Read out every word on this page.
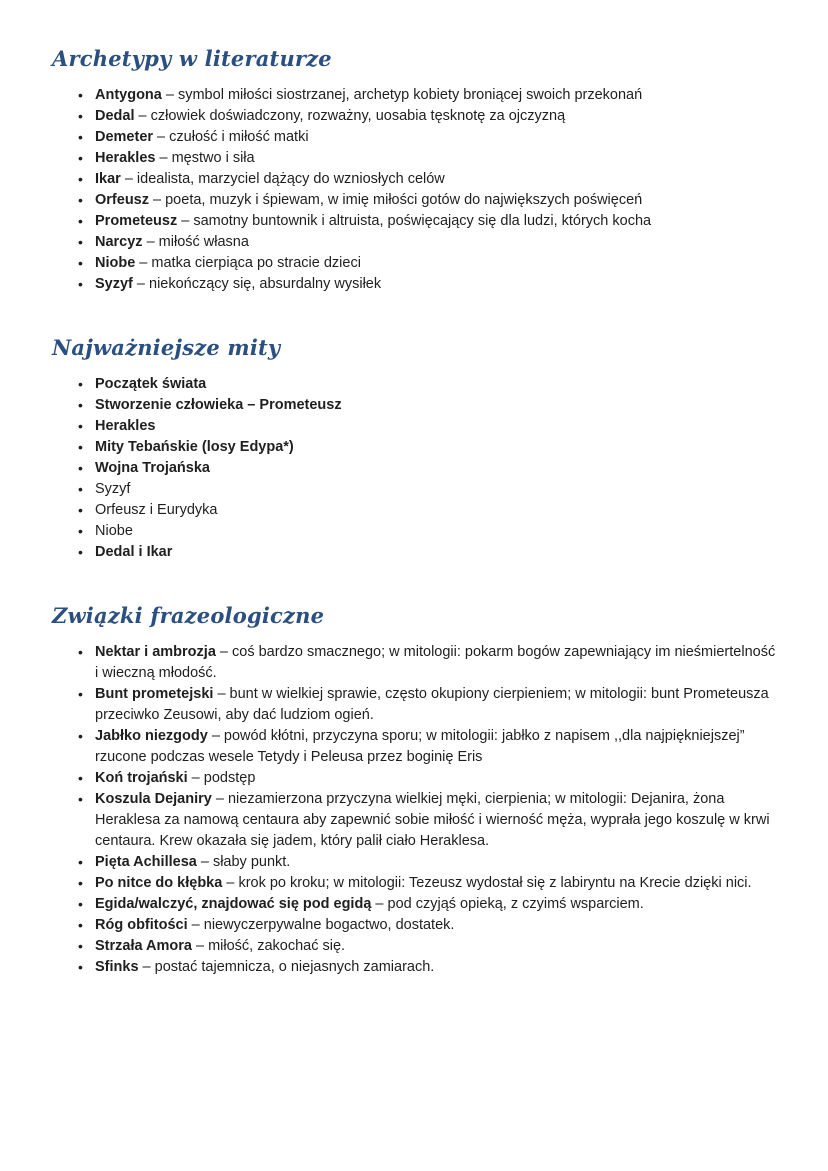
Archetypy w literaturze
• Antygona – symbol miłości siostrzanej, archetyp kobiety broniącej swoich przekonań
• Dedal – człowiek doświadczony, rozważny, uosabia tęsknotę za ojczyzną
• Demeter – czułość i miłość matki
• Herakles – męstwo i siła
• Ikar – idealista, marzyciel dążący do wzniosłych celów
• Orfeusz – poeta, muzyk i śpiewam, w imię miłości gotów do największych poświęceń
• Prometeusz – samotny buntownik i altruista, poświęcający się dla ludzi, których kocha
• Narcyz – miłość własna
• Niobe – matka cierpiąca po stracie dzieci
• Syzyf – niekończący się, absurdalny wysiłek
Najważniejsze mity
• Początek świata
• Stworzenie człowieka – Prometeusz
• Herakles
• Mity Tebańskie (losy Edypa*)
• Wojna Trojańska
• Syzyf
• Orfeusz i Eurydyka
• Niobe
• Dedal i Ikar
Związki frazeologiczne
• Nektar i ambrozja – coś bardzo smacznego; w mitologii: pokarm bogów zapewniający im nieśmiertelność i wieczną młodość.
• Bunt prometejski – bunt w wielkiej sprawie, często okupiony cierpieniem; w mitologii: bunt Prometeusza przeciwko Zeusowi, aby dać ludziom ogień.
• Jabłko niezgody – powód kłótni, przyczyna sporu; w mitologii: jabłko z napisem ,,dla najpiękniejszej” rzucone podczas wesele Tetydy i Peleusa przez boginię Eris
• Koń trojański – podstęp
• Koszula Dejaniry – niezamierzona przyczyna wielkiej męki, cierpienia; w mitologii: Dejanira, żona Heraklesa za namową centaura aby zapewnić sobie miłość i wierność męża, wyprała jego koszulę w krwi centaura. Krew okazała się jadem, który palił ciało Heraklesa.
• Pięta Achillesa – słaby punkt.
• Po nitce do kłębka – krok po kroku; w mitologii: Tezeusz wydostał się z labiryntu na Krecie dzięki nici.
• Egida/walczyć, znajdować się pod egidą – pod czyjąś opieką, z czyimś wsparciem.
• Róg obfitości – niewyczerpywalne bogactwo, dostatek.
• Strzała Amora – miłość, zakochać się.
• Sfinks – postać tajemnicza, o niejasnych zamiarach.
